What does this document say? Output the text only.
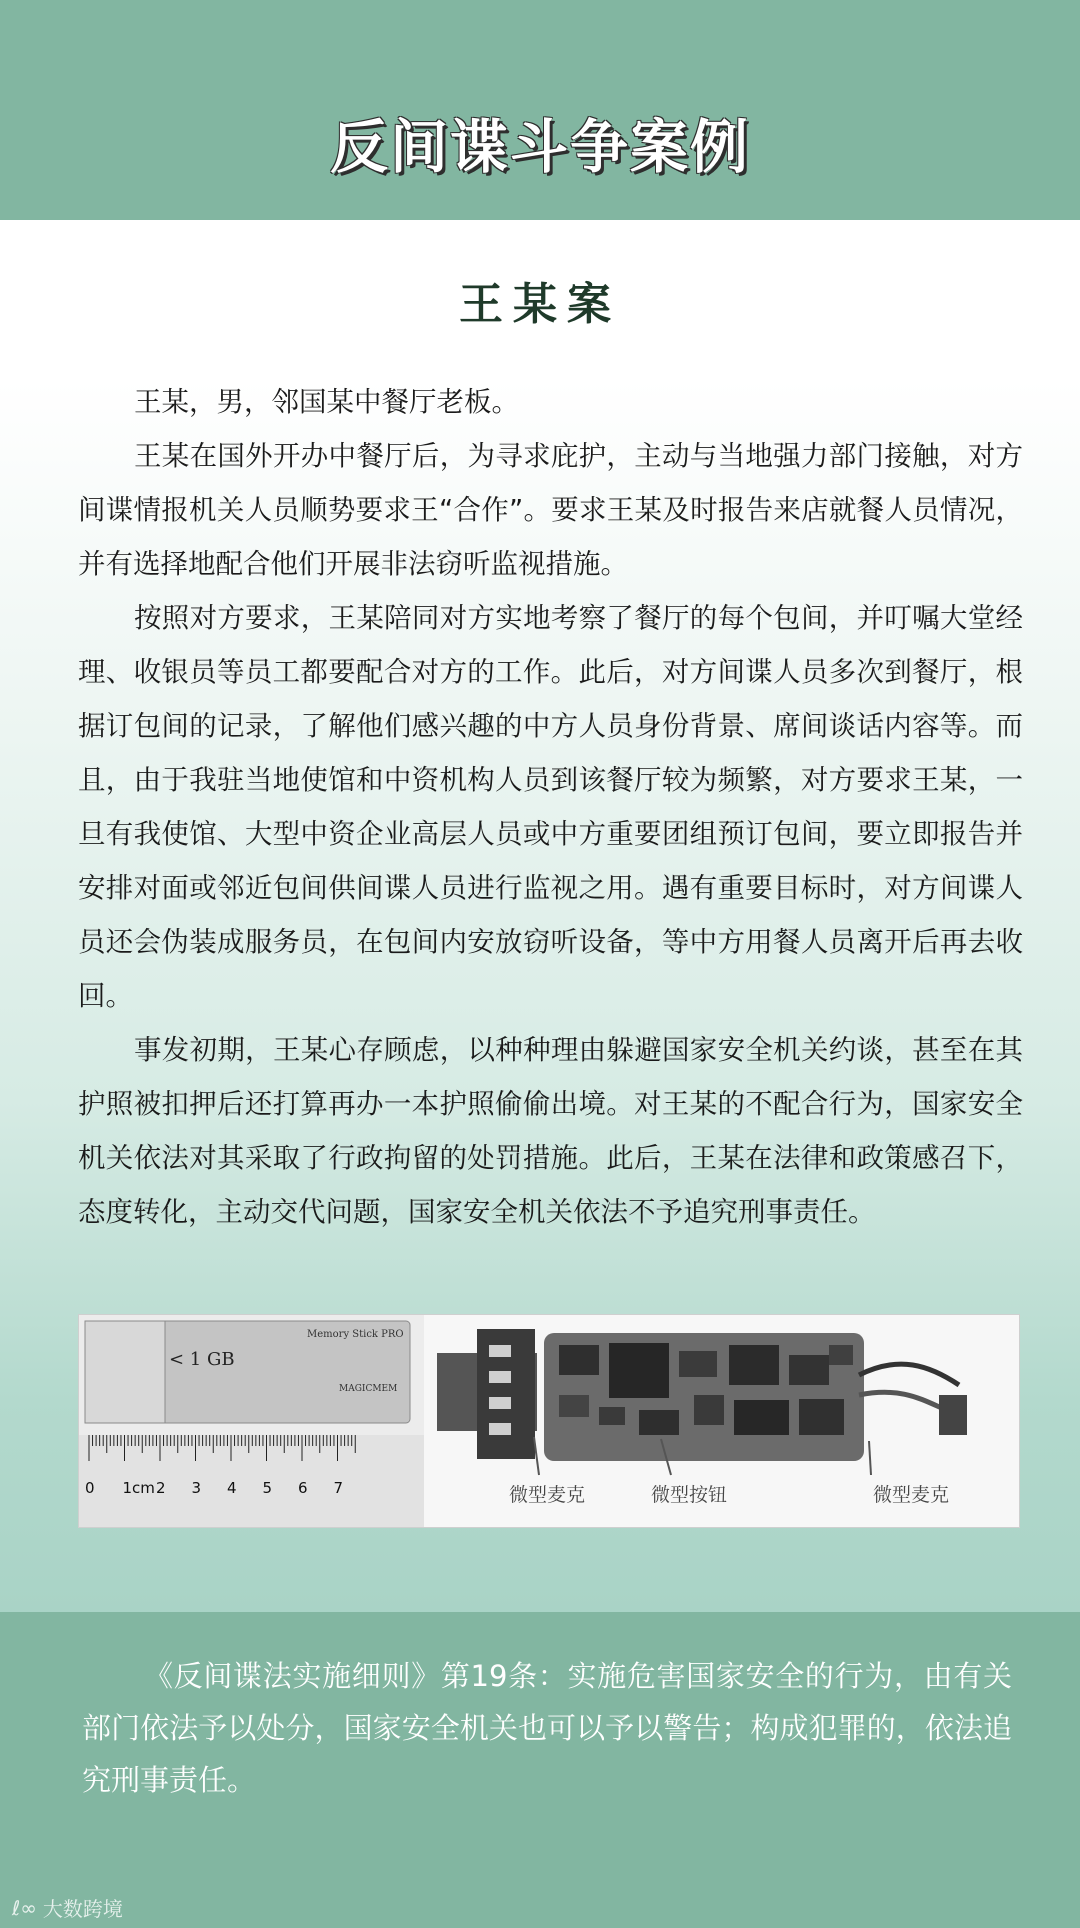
反间谍斗争案例
王某案

王某，男，邻国某中餐厅老板。

王某在国外开办中餐厅后，为寻求庇护，主动与当地强力部门接触，对方间谍情报机关人员顺势要求王“合作”。要求王某及时报告来店就餐人员情况，并有选择地配合他们开展非法窃听监视措施。

按照对方要求，王某陪同对方实地考察了餐厅的每个包间，并叮嘱大堂经理、收银员等员工都要配合对方的工作。此后，对方间谍人员多次到餐厅，根据订包间的记录，了解他们感兴趣的中方人员身份背景、席间谈话内容等。而且，由于我驻当地使馆和中资机构人员到该餐厅较为频繁，对方要求王某，一旦有我使馆、大型中资企业高层人员或中方重要团组预订包间，要立即报告并安排对面或邻近包间供间谍人员进行监视之用。遇有重要目标时，对方间谍人员还会伪装成服务员，在包间内安放窃听设备，等中方用餐人员离开后再去收回。

事发初期，王某心存顾虑，以种种理由躲避国家安全机关约谈，甚至在其护照被扣押后还打算再办一本护照偷偷出境。对王某的不配合行为，国家安全机关依法对其采取了行政拘留的处罚措施。此后，王某在法律和政策感召下，态度转化，主动交代问题，国家安全机关依法不予追究刑事责任。

Memory Stick PRO
< 1 GB
MAGICMEM
0 1cm 2 3 4 5 6 7	微型麦克	微型按钮	微型麦克

《反间谍法实施细则》第19条：实施危害国家安全的行为，由有关部门依法予以处分，国家安全机关也可以予以警告；构成犯罪的，依法追究刑事责任。

ℓ∞ 大数跨境
